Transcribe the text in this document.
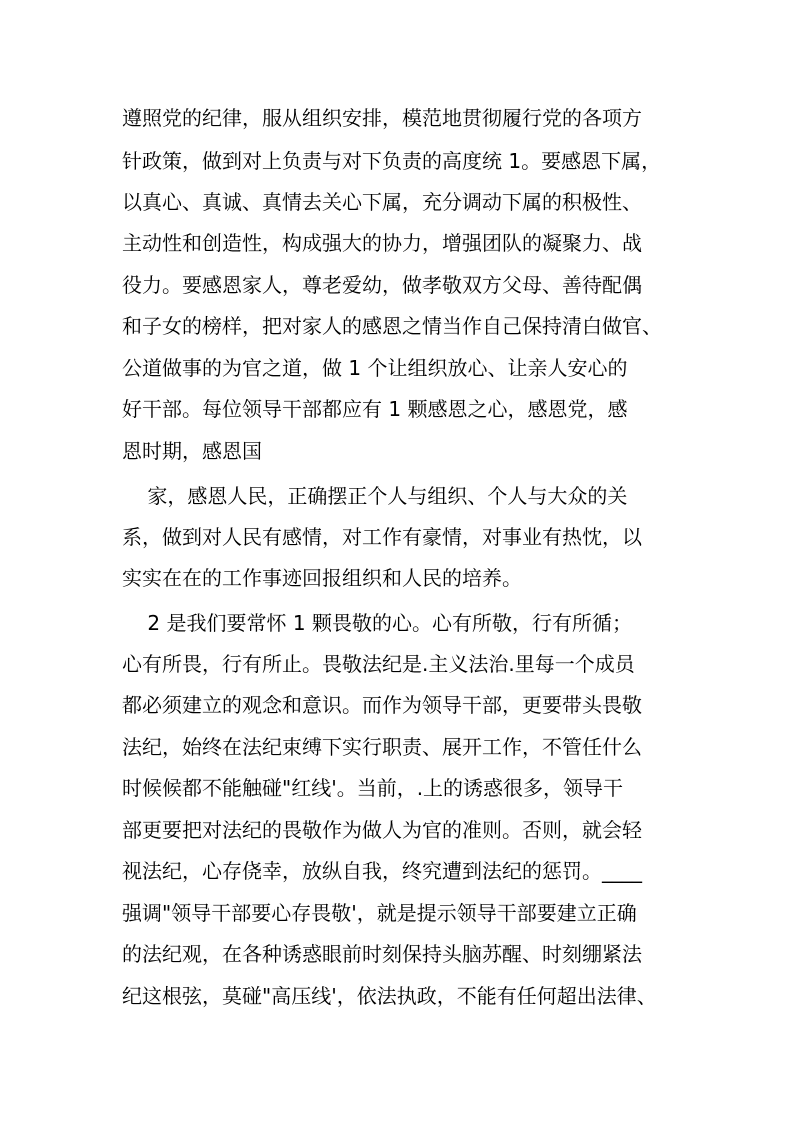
遵照党的纪律，服从组织安排，模范地贯彻履行党的各项方
针政策，做到对上负责与对下负责的高度统 1。要感恩下属，
以真心、真诚、真情去关心下属，充分调动下属的积极性、
主动性和创造性，构成强大的协力，增强团队的凝聚力、战
役力。要感恩家人，尊老爱幼，做孝敬双方父母、善待配偶
和子女的榜样，把对家人的感恩之情当作自己保持清白做官、
公道做事的为官之道，做 1 个让组织放心、让亲人安心的
好干部。每位领导干部都应有 1 颗感恩之心，感恩党，感
恩时期，感恩国
家，感恩人民，正确摆正个人与组织、个人与大众的关
系，做到对人民有感情，对工作有豪情，对事业有热忱，以
实实在在的工作事迹回报组织和人民的培养。
2 是我们要常怀 1 颗畏敬的心。心有所敬，行有所循；
心有所畏，行有所止。畏敬法纪是.主义法治.里每一个成员
都必须建立的观念和意识。而作为领导干部，更要带头畏敬
法纪，始终在法纪束缚下实行职责、展开工作，不管任什么
时候候都不能触碰"红线'。当前，.上的诱惑很多，领导干
部更要把对法纪的畏敬作为做人为官的准则。否则，就会轻
视法纪，心存侥幸，放纵自我，终究遭到法纪的惩罚。____
强调"领导干部要心存畏敬'，就是提示领导干部要建立正确
的法纪观，在各种诱惑眼前时刻保持头脑苏醒、时刻绷紧法
纪这根弦，莫碰"高压线'，依法执政，不能有任何超出法律、
